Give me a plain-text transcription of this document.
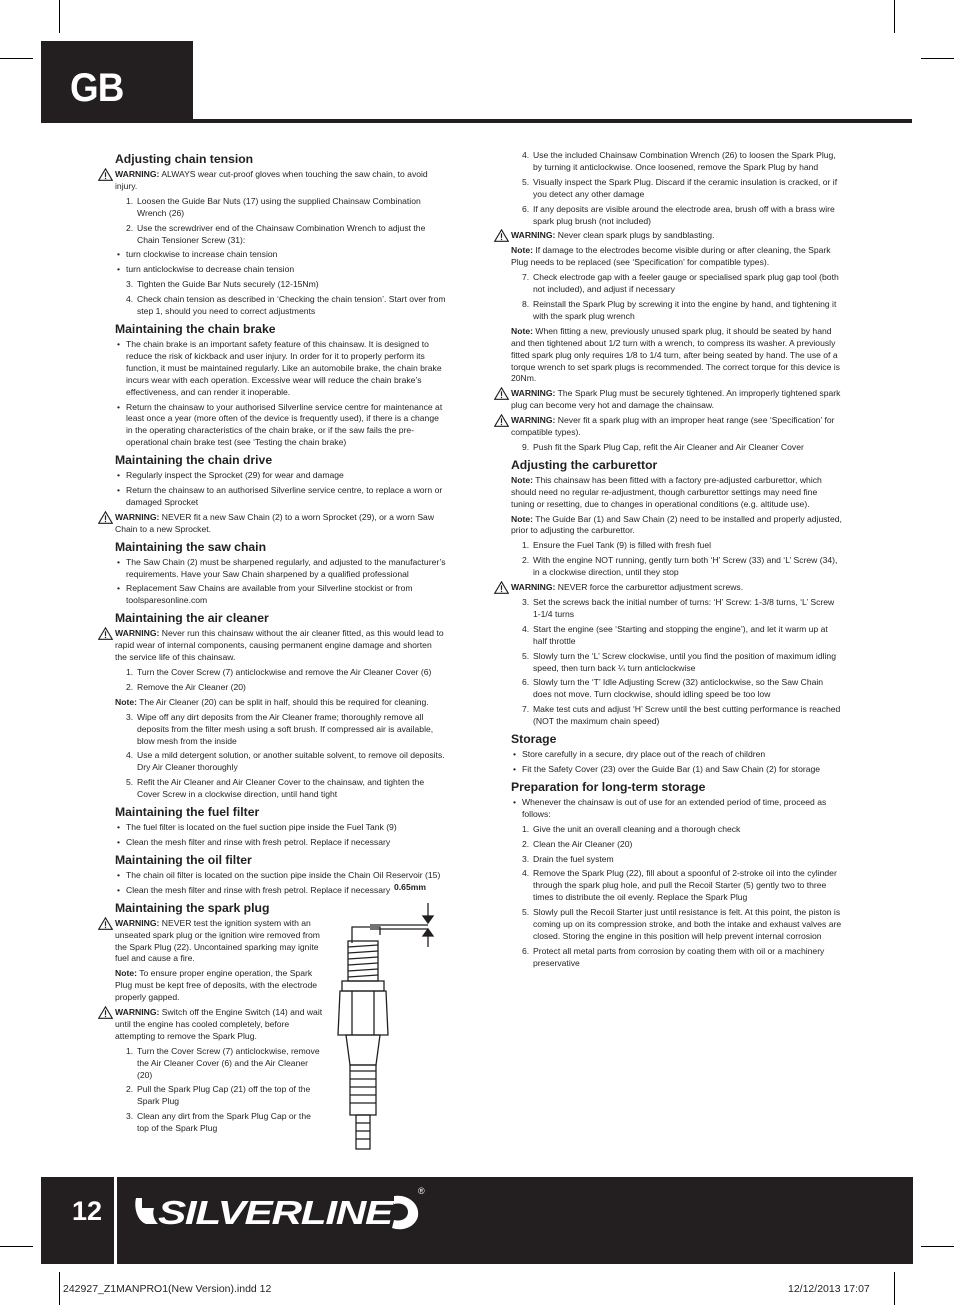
GB
Adjusting chain tension
WARNING: ALWAYS wear cut-proof gloves when touching the saw chain, to avoid injury.
1. Loosen the Guide Bar Nuts (17) using the supplied Chainsaw Combination Wrench (26)
2. Use the screwdriver end of the Chainsaw Combination Wrench to adjust the Chain Tensioner Screw (31):
• turn clockwise to increase chain tension
• turn anticlockwise to decrease chain tension
3. Tighten the Guide Bar Nuts securely (12-15Nm)
4. Check chain tension as described in ‘Checking the chain tension’. Start over from step 1, should you need to correct adjustments
Maintaining the chain brake
• The chain brake is an important safety feature of this chainsaw. It is designed to reduce the risk of kickback and user injury. In order for it to properly perform its function, it must be maintained regularly. Like an automobile brake, the chain brake incurs wear with each operation. Excessive wear will reduce the chain brake’s effectiveness, and can render it inoperable.
• Return the chainsaw to your authorised Silverline service centre for maintenance at least once a year (more often of the device is frequently used), if there is a change in the operating characteristics of the chain brake, or if the saw fails the pre-operational chain brake test (see ‘Testing the chain brake)
Maintaining the chain drive
• Regularly inspect the Sprocket (29) for wear and damage
• Return the chainsaw to an authorised Silverline service centre, to replace a worn or damaged Sprocket
WARNING: NEVER fit a new Saw Chain (2) to a worn Sprocket (29), or a worn Saw Chain to a new Sprocket.
Maintaining the saw chain
• The Saw Chain (2) must be sharpened regularly, and adjusted to the manufacturer’s requirements. Have your Saw Chain sharpened by a qualified professional
• Replacement Saw Chains are available from your Silverline stockist or from toolsparesonline.com
Maintaining the air cleaner
WARNING: Never run this chainsaw without the air cleaner fitted, as this would lead to rapid wear of internal components, causing permanent engine damage and shorten the service life of this chainsaw.
1. Turn the Cover Screw (7) anticlockwise and remove the Air Cleaner Cover (6)
2. Remove the Air Cleaner (20)
Note: The Air Cleaner (20) can be split in half, should this be required for cleaning.
3. Wipe off any dirt deposits from the Air Cleaner frame; thoroughly remove all deposits from the filter mesh using a soft brush. If compressed air is available, blow mesh from the inside
4. Use a mild detergent solution, or another suitable solvent, to remove oil deposits. Dry Air Cleaner thoroughly
5. Refit the Air Cleaner and Air Cleaner Cover to the chainsaw, and tighten the Cover Screw in a clockwise direction, until hand tight
Maintaining the fuel filter
• The fuel filter is located on the fuel suction pipe inside the Fuel Tank (9)
• Clean the mesh filter and rinse with fresh petrol. Replace if necessary
Maintaining the oil filter
• The chain oil filter is located on the suction pipe inside the Chain Oil Reservoir (15)
• Clean the mesh filter and rinse with fresh petrol. Replace if necessary
Maintaining the spark plug
WARNING: NEVER test the ignition system with an unseated spark plug or the ignition wire removed from the Spark Plug (22). Uncontained sparking may ignite fuel and cause a fire.
Note: To ensure proper engine operation, the Spark Plug must be kept free of deposits, with the electrode properly gapped.
WARNING: Switch off the Engine Switch (14) and wait until the engine has cooled completely, before attempting to remove the Spark Plug.
1. Turn the Cover Screw (7) anticlockwise, remove the Air Cleaner Cover (6) and the Air Cleaner (20)
2. Pull the Spark Plug Cap (21) off the top of the Spark Plug
3. Clean any dirt from the Spark Plug Cap or the top of the Spark Plug
0.65mm
4. Use the included Chainsaw Combination Wrench (26) to loosen the Spark Plug, by turning it anticlockwise. Once loosened, remove the Spark Plug by hand
5. Visually inspect the Spark Plug. Discard if the ceramic insulation is cracked, or if you detect any other damage
6. If any deposits are visible around the electrode area, brush off with a brass wire spark plug brush (not included)
WARNING: Never clean spark plugs by sandblasting.
Note: If damage to the electrodes become visible during or after cleaning, the Spark Plug needs to be replaced (see ‘Specification’ for compatible types).
7. Check electrode gap with a feeler gauge or specialised spark plug gap tool (both not included), and adjust if necessary
8. Reinstall the Spark Plug by screwing it into the engine by hand, and tightening it with the spark plug wrench
Note: When fitting a new, previously unused spark plug, it should be seated by hand and then tightened about 1/2 turn with a wrench, to compress its washer. A previously fitted spark plug only requires 1/8 to 1/4 turn, after being seated by hand. The use of a torque wrench to set spark plugs is recommended. The correct torque for this device is 20Nm.
WARNING: The Spark Plug must be securely tightened. An improperly tightened spark plug can become very hot and damage the chainsaw.
WARNING: Never fit a spark plug with an improper heat range (see ‘Specification’ for compatible types).
9. Push fit the Spark Plug Cap, refit the Air Cleaner and Air Cleaner Cover
Adjusting the carburettor
Note: This chainsaw has been fitted with a factory pre-adjusted carburettor, which should need no regular re-adjustment, though carburettor settings may need fine tuning or resetting, due to changes in operational conditions (e.g. altitude use).
Note: The Guide Bar (1) and Saw Chain (2) need to be installed and properly adjusted, prior to adjusting the carburettor.
1. Ensure the Fuel Tank (9) is filled with fresh fuel
2. With the engine NOT running, gently turn both ‘H’ Screw (33) and ‘L’ Screw (34), in a clockwise direction, until they stop
WARNING: NEVER force the carburettor adjustment screws.
3. Set the screws back the initial number of turns: ‘H’ Screw: 1-3/8 turns, ‘L’ Screw 1-1/4 turns
4. Start the engine (see ‘Starting and stopping the engine’), and let it warm up at half throttle
5. Slowly turn the ‘L’ Screw clockwise, until you find the position of maximum idling speed, then turn back ¼ turn anticlockwise
6. Slowly turn the ‘T’ Idle Adjusting Screw (32) anticlockwise, so the Saw Chain does not move. Turn clockwise, should idling speed be too low
7. Make test cuts and adjust ‘H’ Screw until the best cutting performance is reached (NOT the maximum chain speed)
Storage
• Store carefully in a secure, dry place out of the reach of children
• Fit the Safety Cover (23) over the Guide Bar (1) and Saw Chain (2) for storage
Preparation for long-term storage
• Whenever the chainsaw is out of use for an extended period of time, proceed as follows:
1. Give the unit an overall cleaning and a thorough check
2. Clean the Air Cleaner (20)
3. Drain the fuel system
4. Remove the Spark Plug (22), fill about a spoonful of 2-stroke oil into the cylinder through the spark plug hole, and pull the Recoil Starter (5) gently two to three times to distribute the oil evenly. Replace the Spark Plug
5. Slowly pull the Recoil Starter just until resistance is felt. At this point, the piston is coming up on its compression stroke, and both the intake and exhaust valves are closed. Storing the engine in this position will help prevent internal corrosion
6. Protect all metal parts from corrosion by coating them with oil or a machinery preservative
12 SILVERLINE
®
242927_Z1MANPRO1(New Version).indd 12	12/12/2013 17:07
